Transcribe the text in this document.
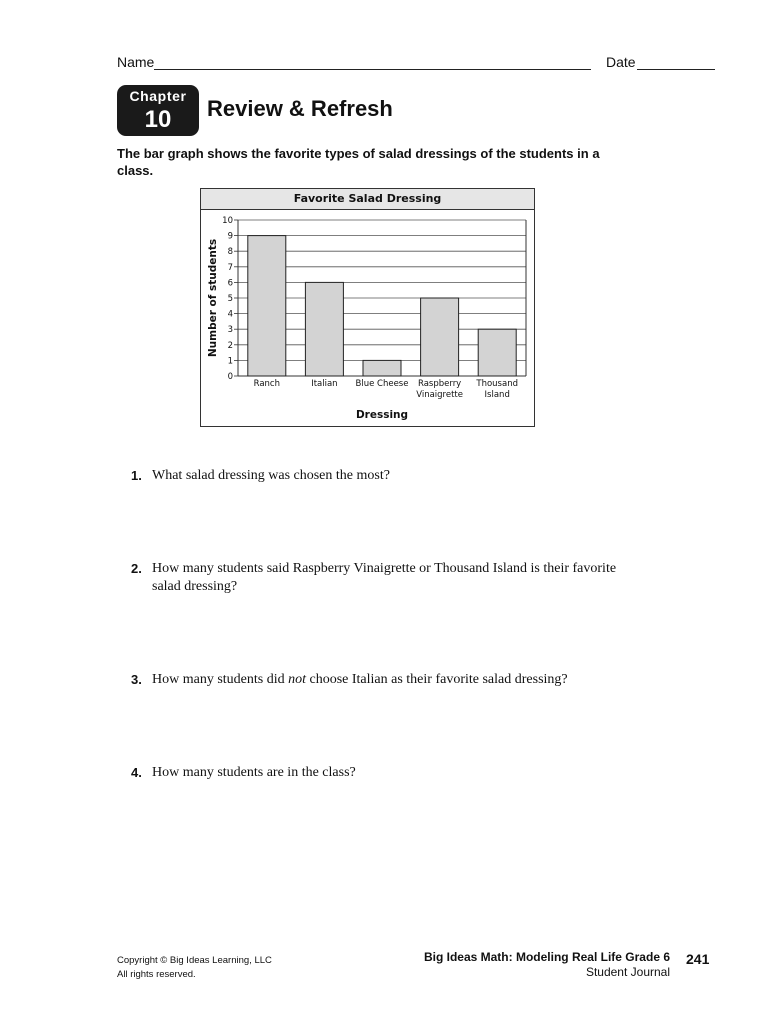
Name	Date
Chapter
10	Review & Refresh
The bar graph shows the favorite types of salad dressings of the students in a class.
Favorite Salad Dressing
0
1
2
3
4
5
6
7
8
9
10
Ranch	Italian Blue Cheese Raspberry
Vinaigrette
Thousand
Island
Dressing
Number of students
1. What salad dressing was chosen the most?
2. How many students said Raspberry Vinaigrette or Thousand Island is their favorite salad dressing?
3. How many students did not choose Italian as their favorite salad dressing?
4. How many students are in the class?
Copyright © Big Ideas Learning, LLC
All rights reserved.
Big Ideas Math: Modeling Real Life Grade 6
Student Journal
241
